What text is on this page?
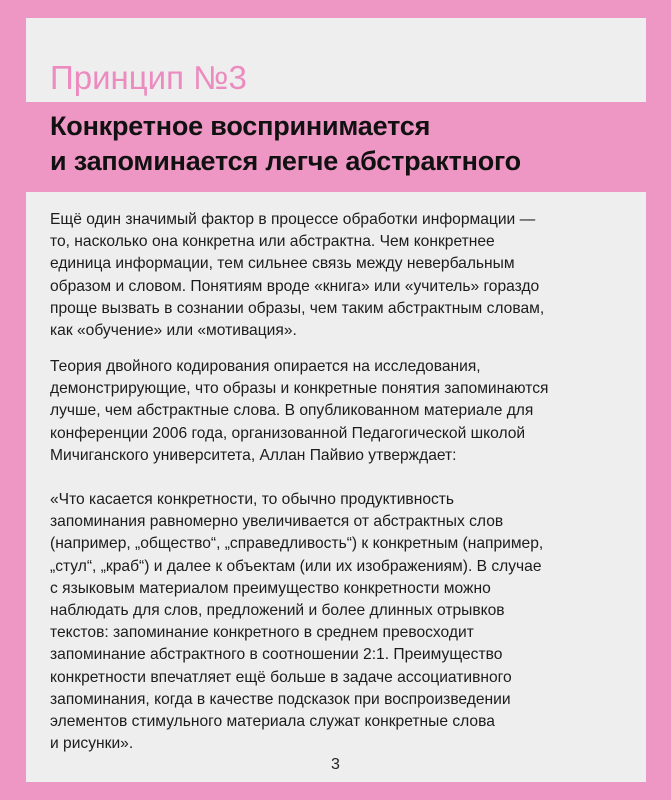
Принцип №3
Конкретное воспринимается
и запоминается легче абстрактного

Ещё один значимый фактор в процессе обработки информации —
то, насколько она конкретна или абстрактна. Чем конкретнее
единица информации, тем сильнее связь между невербальным
образом и словом. Понятиям вроде «книга» или «учитель» гораздо
проще вызвать в сознании образы, чем таким абстрактным словам,
как «обучение» или «мотивация».

Теория двойного кодирования опирается на исследования,
демонстрирующие, что образы и конкретные понятия запоминаются
лучше, чем абстрактные слова. В опубликованном материале для
конференции 2006 года, организованной Педагогической школой
Мичиганского университета, Аллан Пайвио утверждает:

«Что касается конкретности, то обычно продуктивность
запоминания равномерно увеличивается от абстрактных слов
(например, „общество“, „справедливость“) к конкретным (например,
„стул“, „краб“) и далее к объектам (или их изображениям). В случае
с языковым материалом преимущество конкретности можно
наблюдать для слов, предложений и более длинных отрывков
текстов: запоминание конкретного в среднем превосходит
запоминание абстрактного в соотношении 2:1. Преимущество
конкретности впечатляет ещё больше в задаче ассоциативного
запоминания, когда в качестве подсказок при воспроизведении
элементов стимульного материала служат конкретные слова
и рисунки».

3
